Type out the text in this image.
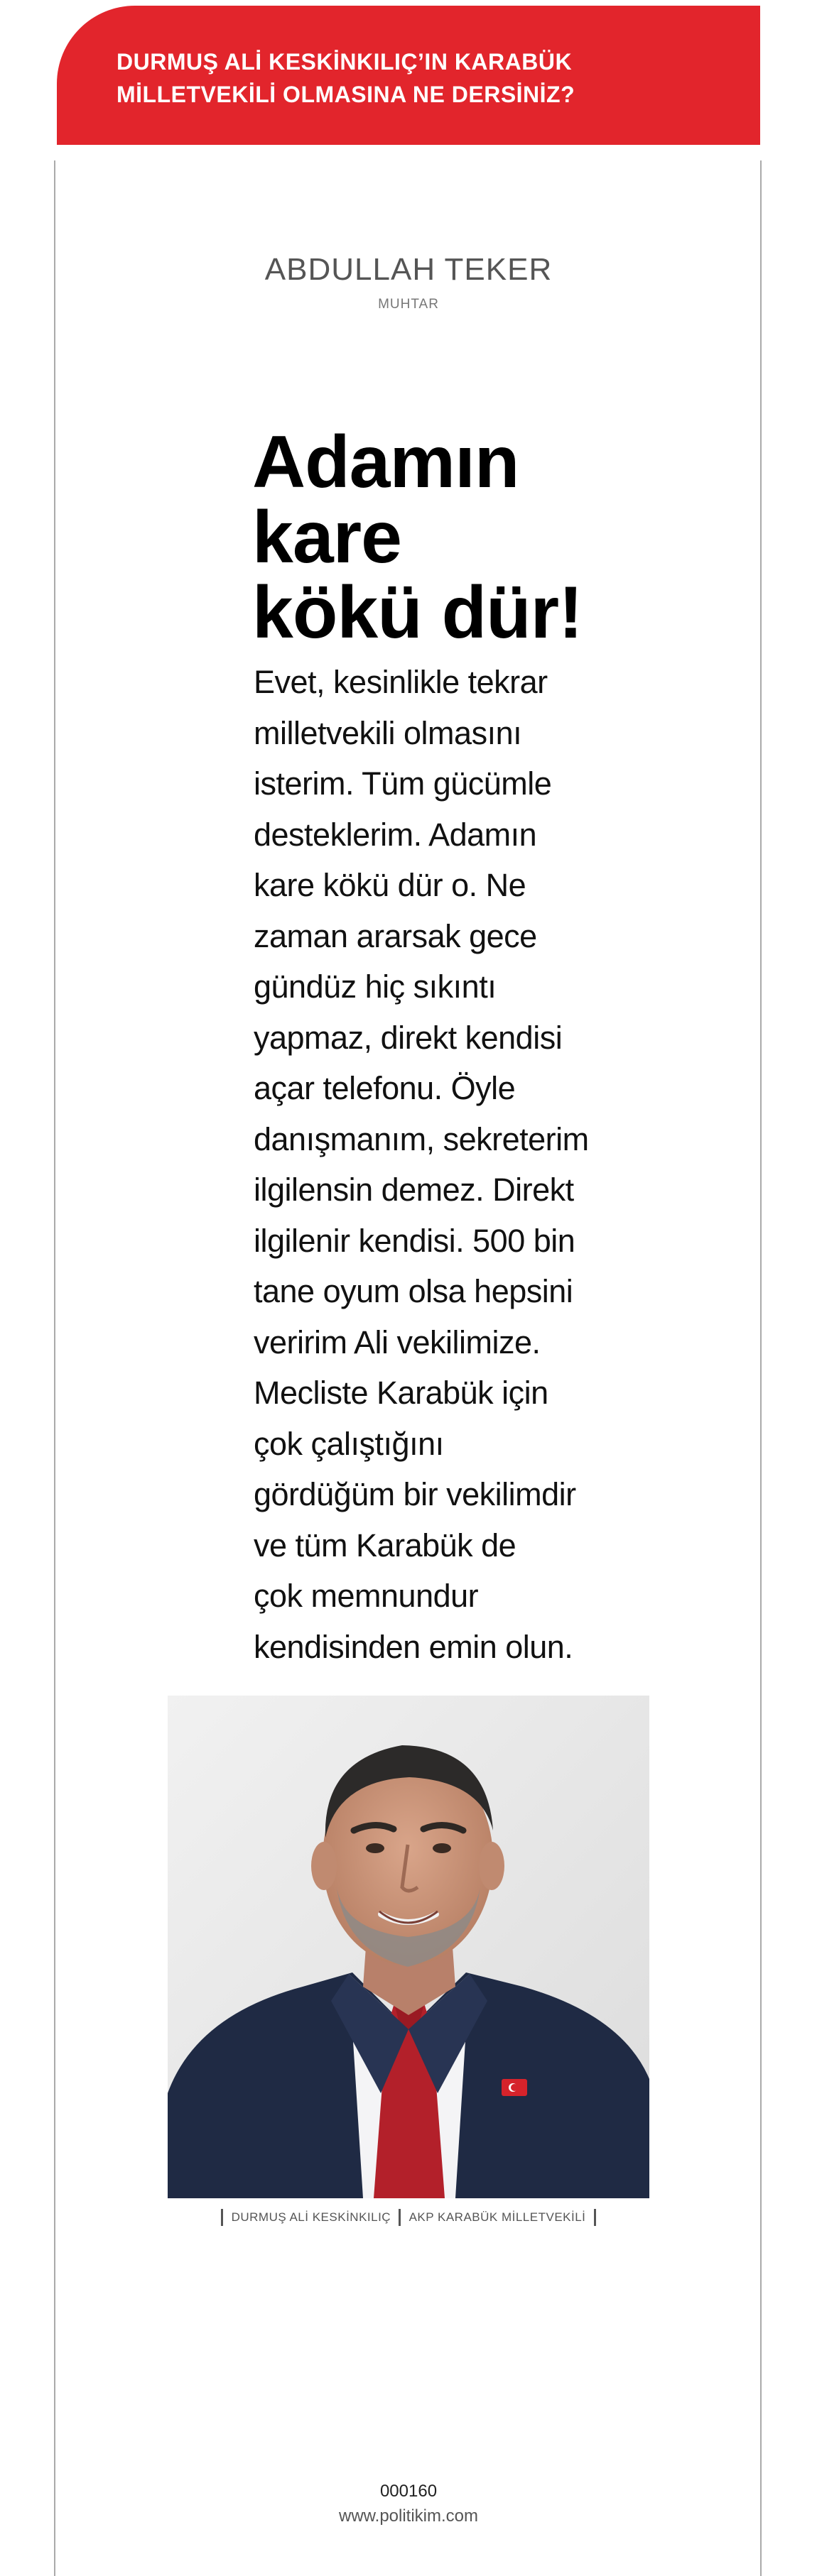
DURMUŞ ALİ KESKİNKILIÇ’IN KARABÜK
MİLLETVEKİLİ OLMASINA NE DERSİNİZ?
ABDULLAH TEKER
MUHTAR
Adamın
kare
kökü dür!
Evet, kesinlikle tekrar
milletvekili olmasını
isterim. Tüm gücümle
desteklerim. Adamın
kare kökü dür o. Ne
zaman ararsak gece
gündüz hiç sıkıntı
yapmaz, direkt kendisi
açar telefonu. Öyle
danışmanım, sekreterim
ilgilensin demez. Direkt
ilgilenir kendisi. 500 bin
tane oyum olsa hepsini
veririm Ali vekilimize.
Mecliste Karabük için
çok çalıştığını
gördüğüm bir vekilimdir
ve tüm Karabük de
çok memnundur
kendisinden emin olun.
DURMUŞ ALİ KESKİNKILIÇ AKP KARABÜK MİLLETVEKİLİ
000160
www.politikim.com
